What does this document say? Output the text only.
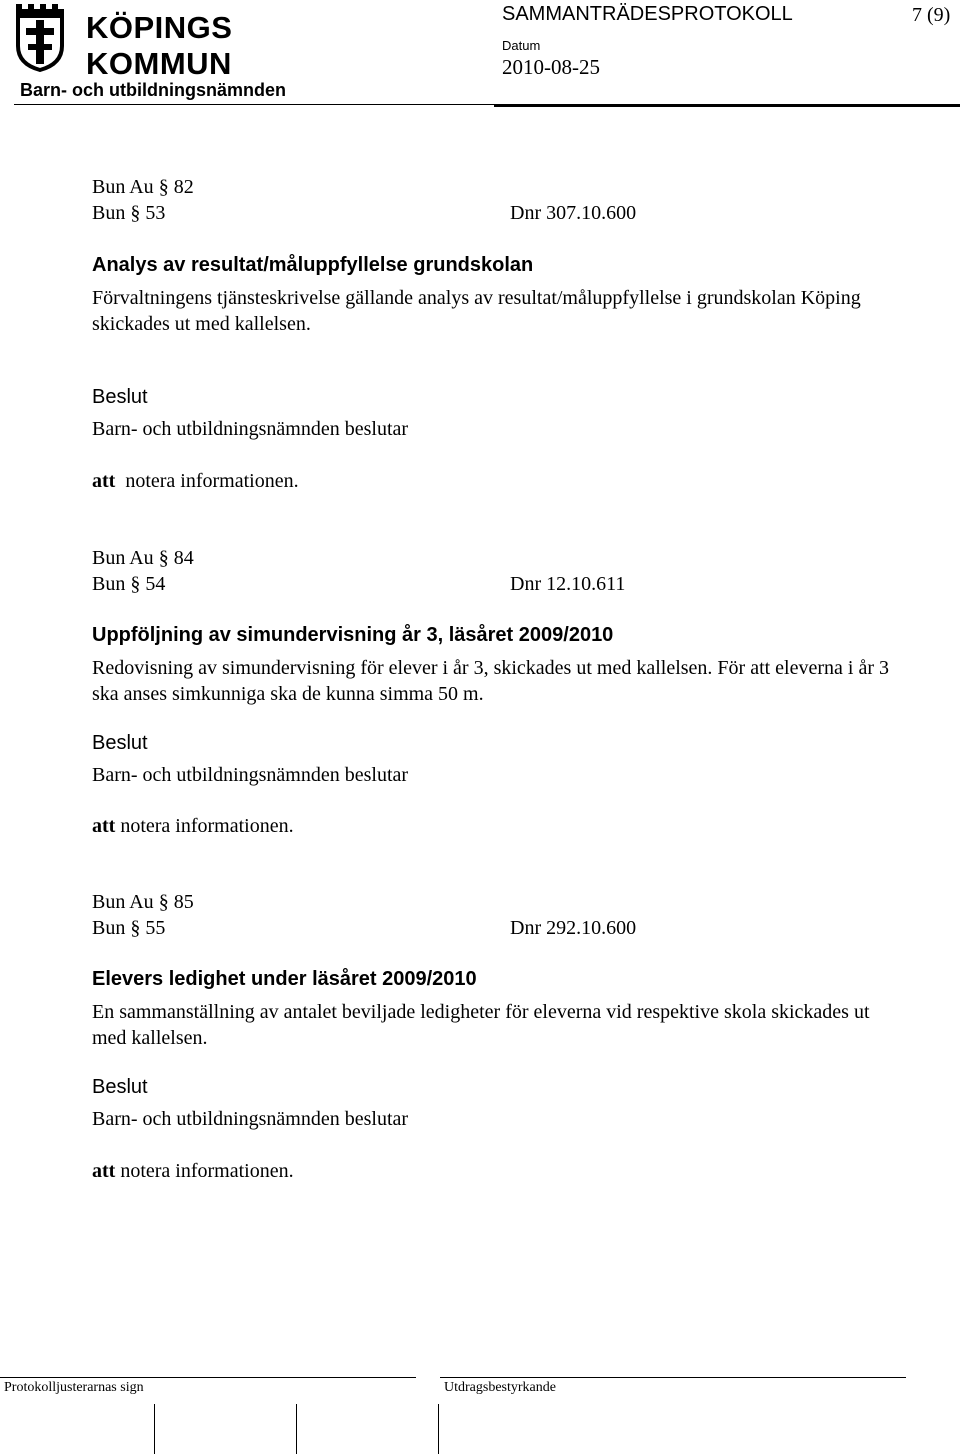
KÖPINGS KOMMUN
SAMMANTRÄDESPROTOKOLL	7 (9)
Datum
2010-08-25
Barn- och utbildningsnämnden
Bun Au § 82
Bun § 53	Dnr 307.10.600
Analys av resultat/måluppfyllelse grundskolan
Förvaltningens tjänsteskrivelse gällande analys av resultat/måluppfyllelse i grundskolan Köping skickades ut med kallelsen.
Beslut
Barn- och utbildningsnämnden beslutar
att notera informationen.
Bun Au § 84
Bun § 54	Dnr 12.10.611
Uppföljning av simundervisning år 3, läsåret 2009/2010
Redovisning av simundervisning för elever i år 3, skickades ut med kallelsen. För att eleverna i år 3 ska anses simkunniga ska de kunna simma 50 m.
Beslut
Barn- och utbildningsnämnden beslutar
att notera informationen.
Bun Au § 85
Bun § 55	Dnr 292.10.600
Elevers ledighet under läsåret 2009/2010
En sammanställning av antalet beviljade ledigheter för eleverna vid respektive skola skickades ut med kallelsen.
Beslut
Barn- och utbildningsnämnden beslutar
att notera informationen.
Protokolljusterarnas sign	Utdragsbestyrkande
